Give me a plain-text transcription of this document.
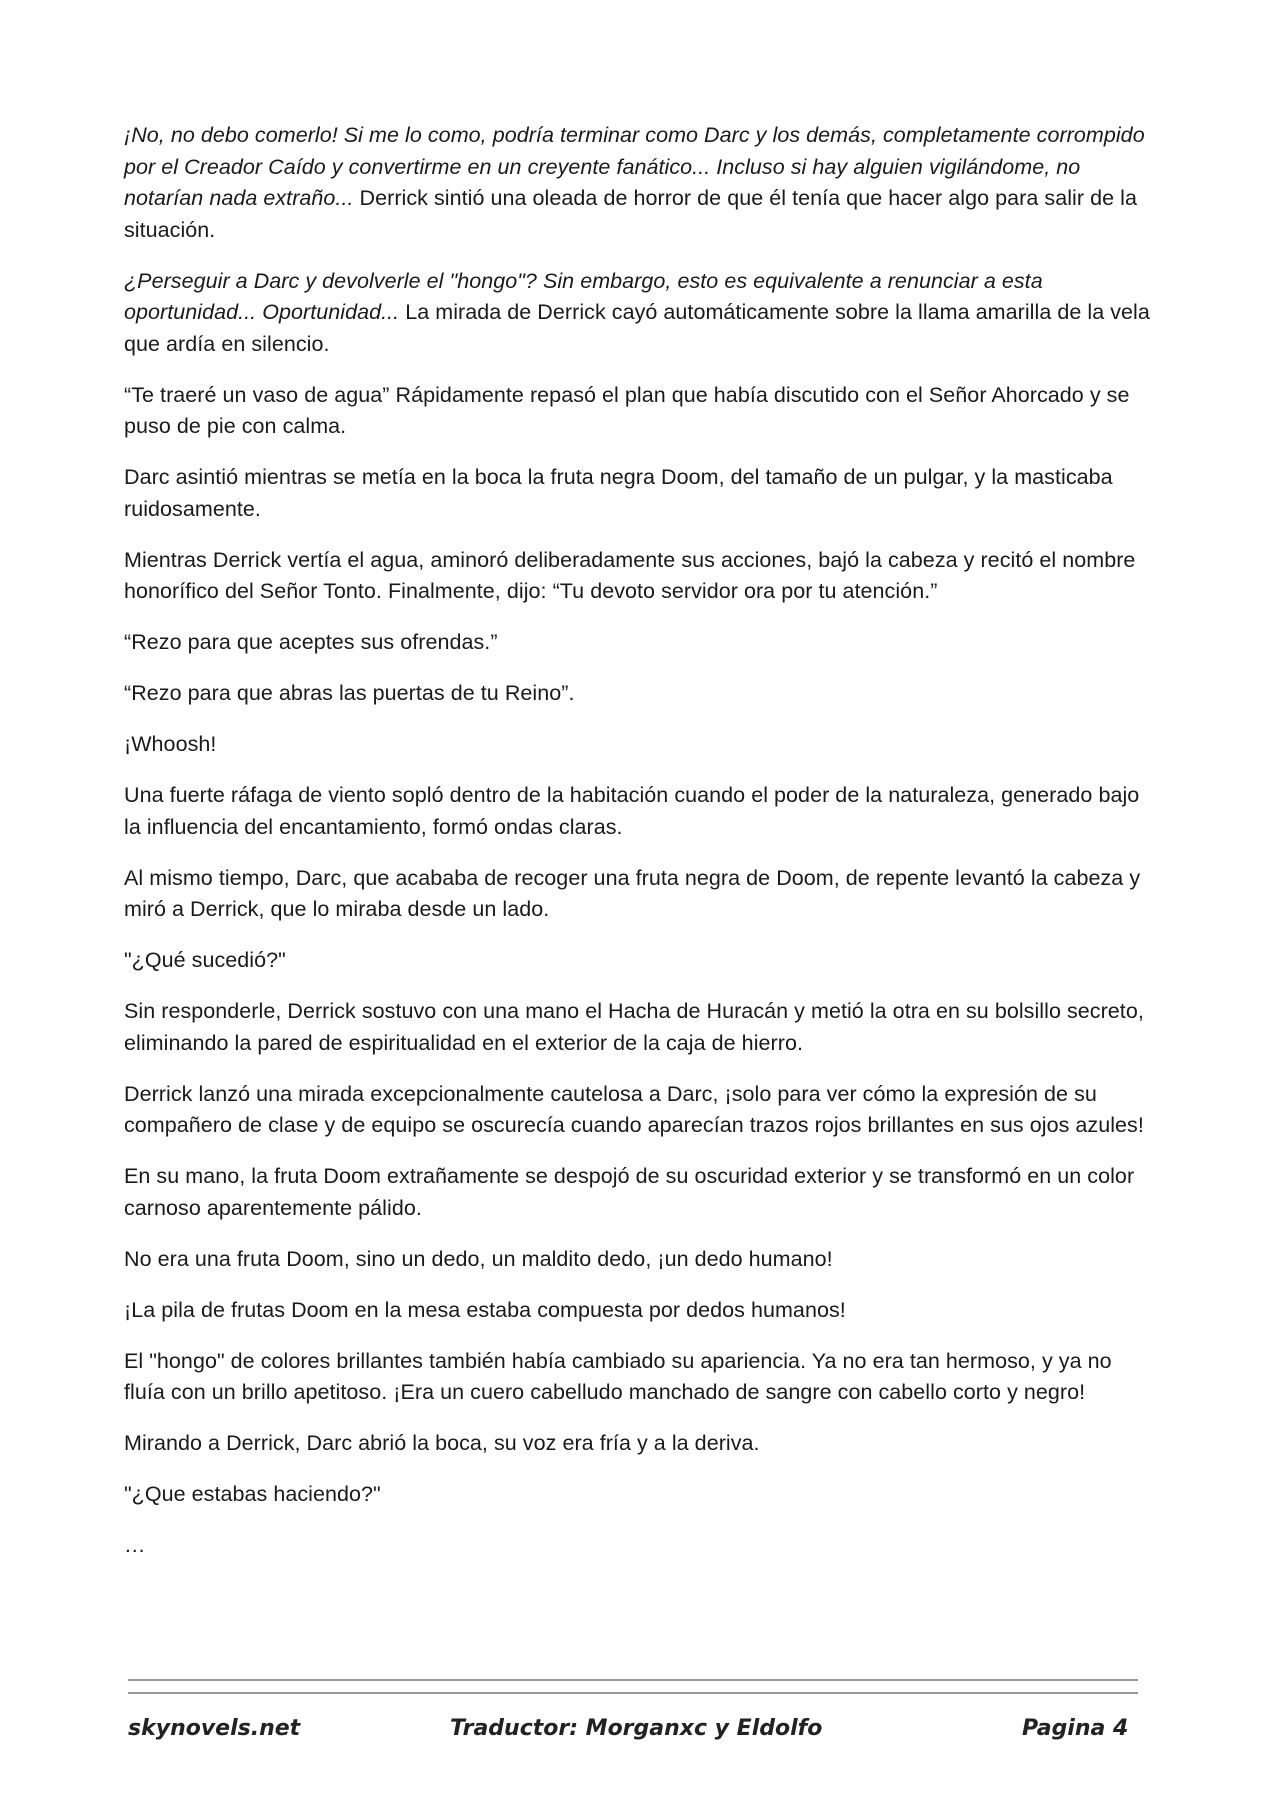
¡No, no debo comerlo! Si me lo como, podría terminar como Darc y los demás, completamente corrompido por el Creador Caído y convertirme en un creyente fanático... Incluso si hay alguien vigilándome, no notarían nada extraño... Derrick sintió una oleada de horror de que él tenía que hacer algo para salir de la situación.

¿Perseguir a Darc y devolverle el "hongo"? Sin embargo, esto es equivalente a renunciar a esta oportunidad... Oportunidad... La mirada de Derrick cayó automáticamente sobre la llama amarilla de la vela que ardía en silencio.

“Te traeré un vaso de agua” Rápidamente repasó el plan que había discutido con el Señor Ahorcado y se puso de pie con calma.

Darc asintió mientras se metía en la boca la fruta negra Doom, del tamaño de un pulgar, y la masticaba ruidosamente.

Mientras Derrick vertía el agua, aminoró deliberadamente sus acciones, bajó la cabeza y recitó el nombre honorífico del Señor Tonto. Finalmente, dijo: “Tu devoto servidor ora por tu atención.”

“Rezo para que aceptes sus ofrendas.”

“Rezo para que abras las puertas de tu Reino”.

¡Whoosh!

Una fuerte ráfaga de viento sopló dentro de la habitación cuando el poder de la naturaleza, generado bajo la influencia del encantamiento, formó ondas claras.

Al mismo tiempo, Darc, que acababa de recoger una fruta negra de Doom, de repente levantó la cabeza y miró a Derrick, que lo miraba desde un lado.

"¿Qué sucedió?"

Sin responderle, Derrick sostuvo con una mano el Hacha de Huracán y metió la otra en su bolsillo secreto, eliminando la pared de espiritualidad en el exterior de la caja de hierro.

Derrick lanzó una mirada excepcionalmente cautelosa a Darc, ¡solo para ver cómo la expresión de su compañero de clase y de equipo se oscurecía cuando aparecían trazos rojos brillantes en sus ojos azules!

En su mano, la fruta Doom extrañamente se despojó de su oscuridad exterior y se transformó en un color carnoso aparentemente pálido.

No era una fruta Doom, sino un dedo, un maldito dedo, ¡un dedo humano!

¡La pila de frutas Doom en la mesa estaba compuesta por dedos humanos!

El "hongo" de colores brillantes también había cambiado su apariencia. Ya no era tan hermoso, y ya no fluía con un brillo apetitoso. ¡Era un cuero cabelludo manchado de sangre con cabello corto y negro!

Mirando a Derrick, Darc abrió la boca, su voz era fría y a la deriva.

"¿Que estabas haciendo?"

…

skynovels.net	Traductor: Morganxc y Eldolfo	Pagina 4
